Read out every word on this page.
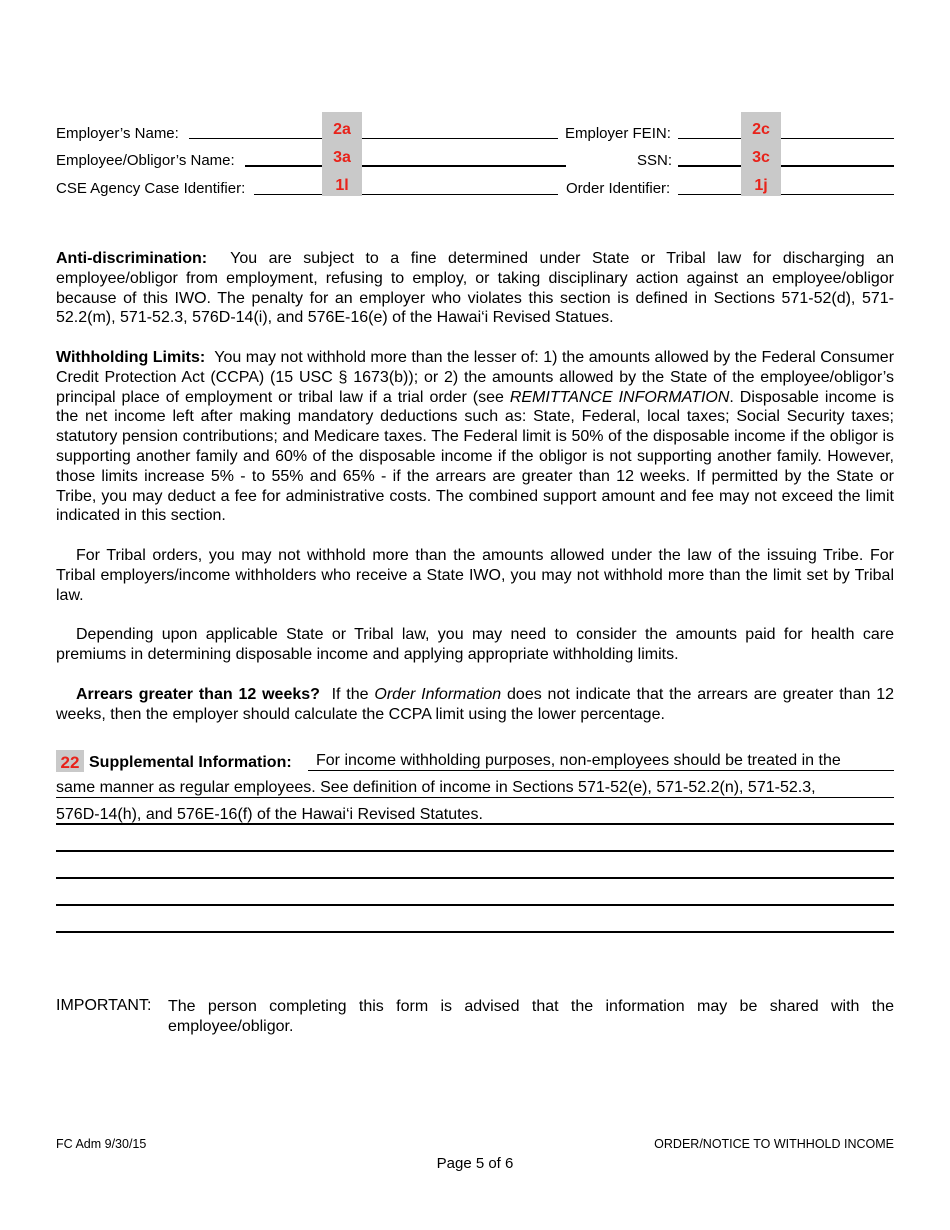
Employer’s Name:	2a	Employer FEIN:	2c
Employee/Obligor’s Name:	3a	SSN:	3c
CSE Agency Case Identifier:	1l	Order Identifier:	1j

Anti-discrimination: You are subject to a fine determined under State or Tribal law for discharging an employee/obligor from employment, refusing to employ, or taking disciplinary action against an employee/obligor because of this IWO. The penalty for an employer who violates this section is defined in Sections 571-52(d), 571-52.2(m), 571-52.3, 576D-14(i), and 576E-16(e) of the Hawai‘i Revised Statues.

Withholding Limits: You may not withhold more than the lesser of: 1) the amounts allowed by the Federal Consumer Credit Protection Act (CCPA) (15 USC § 1673(b)); or 2) the amounts allowed by the State of the employee/obligor’s principal place of employment or tribal law if a trial order (see REMITTANCE INFORMATION. Disposable income is the net income left after making mandatory deductions such as: State, Federal, local taxes; Social Security taxes; statutory pension contributions; and Medicare taxes. The Federal limit is 50% of the disposable income if the obligor is supporting another family and 60% of the disposable income if the obligor is not supporting another family. However, those limits increase 5% - to 55% and 65% - if the arrears are greater than 12 weeks. If permitted by the State or Tribe, you may deduct a fee for administrative costs. The combined support amount and fee may not exceed the limit indicated in this section.

For Tribal orders, you may not withhold more than the amounts allowed under the law of the issuing Tribe. For Tribal employers/income withholders who receive a State IWO, you may not withhold more than the limit set by Tribal law.

Depending upon applicable State or Tribal law, you may need to consider the amounts paid for health care premiums in determining disposable income and applying appropriate withholding limits.

Arrears greater than 12 weeks? If the Order Information does not indicate that the arrears are greater than 12 weeks, then the employer should calculate the CCPA limit using the lower percentage.

22 Supplemental Information: For income withholding purposes, non-employees should be treated in the
same manner as regular employees. See definition of income in Sections 571-52(e), 571-52.2(n), 571-52.3,
576D-14(h), and 576E-16(f) of the Hawai‘i Revised Statutes.
IMPORTANT: The person completing this form is advised that the information may be shared with the employee/obligor.

FC Adm 9/30/15	ORDER/NOTICE TO WITHHOLD INCOME
Page 5 of 6
